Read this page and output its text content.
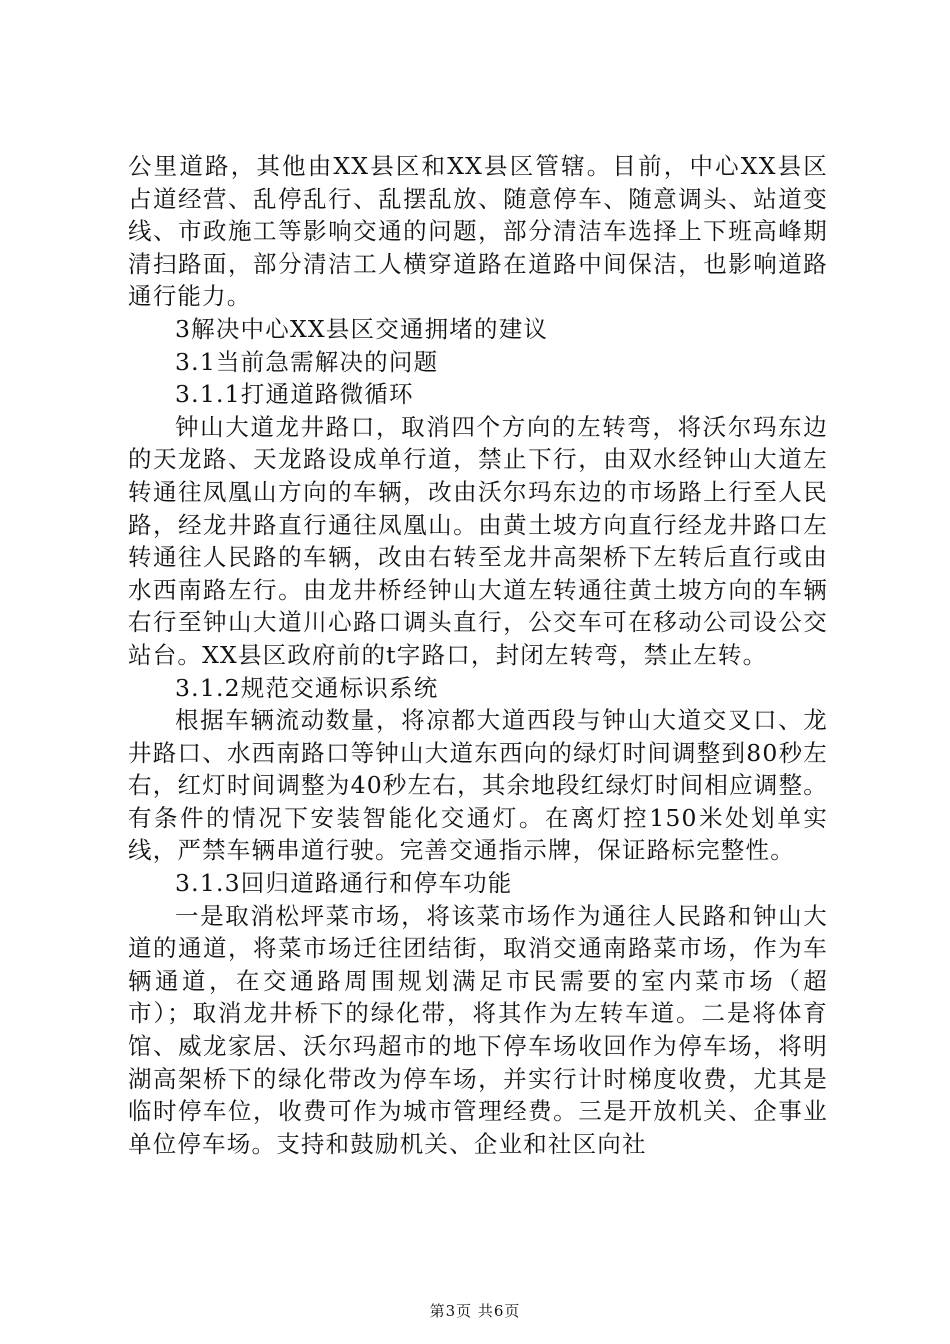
公里道路，其他由XX县区和XX县区管辖。目前，中心XX县区占道经营、乱停乱行、乱摆乱放、随意停车、随意调头、站道变线、市政施工等影响交通的问题，部分清洁车选择上下班高峰期清扫路面，部分清洁工人横穿道路在道路中间保洁，也影响道路通行能力。

3解决中心XX县区交通拥堵的建议

3.1当前急需解决的问题

3.1.1打通道路微循环

钟山大道龙井路口，取消四个方向的左转弯，将沃尔玛东边的天龙路、天龙路设成单行道，禁止下行，由双水经钟山大道左转通往凤凰山方向的车辆，改由沃尔玛东边的市场路上行至人民路，经龙井路直行通往凤凰山。由黄土坡方向直行经龙井路口左转通往人民路的车辆，改由右转至龙井高架桥下左转后直行或由水西南路左行。由龙井桥经钟山大道左转通往黄土坡方向的车辆右行至钟山大道川心路口调头直行，公交车可在移动公司设公交站台。XX县区政府前的t字路口，封闭左转弯，禁止左转。

3.1.2规范交通标识系统

根据车辆流动数量，将凉都大道西段与钟山大道交叉口、龙井路口、水西南路口等钟山大道东西向的绿灯时间调整到80秒左右，红灯时间调整为40秒左右，其余地段红绿灯时间相应调整。有条件的情况下安装智能化交通灯。在离灯控150米处划单实线，严禁车辆串道行驶。完善交通指示牌，保证路标完整性。

3.1.3回归道路通行和停车功能

一是取消松坪菜市场，将该菜市场作为通往人民路和钟山大道的通道，将菜市场迁往团结街，取消交通南路菜市场，作为车辆通道，在交通路周围规划满足市民需要的室内菜市场（超市）；取消龙井桥下的绿化带，将其作为左转车道。二是将体育馆、威龙家居、沃尔玛超市的地下停车场收回作为停车场，将明湖高架桥下的绿化带改为停车场，并实行计时梯度收费，尤其是临时停车位，收费可作为城市管理经费。三是开放机关、企事业单位停车场。支持和鼓励机关、企业和社区向社

第3页 共6页
